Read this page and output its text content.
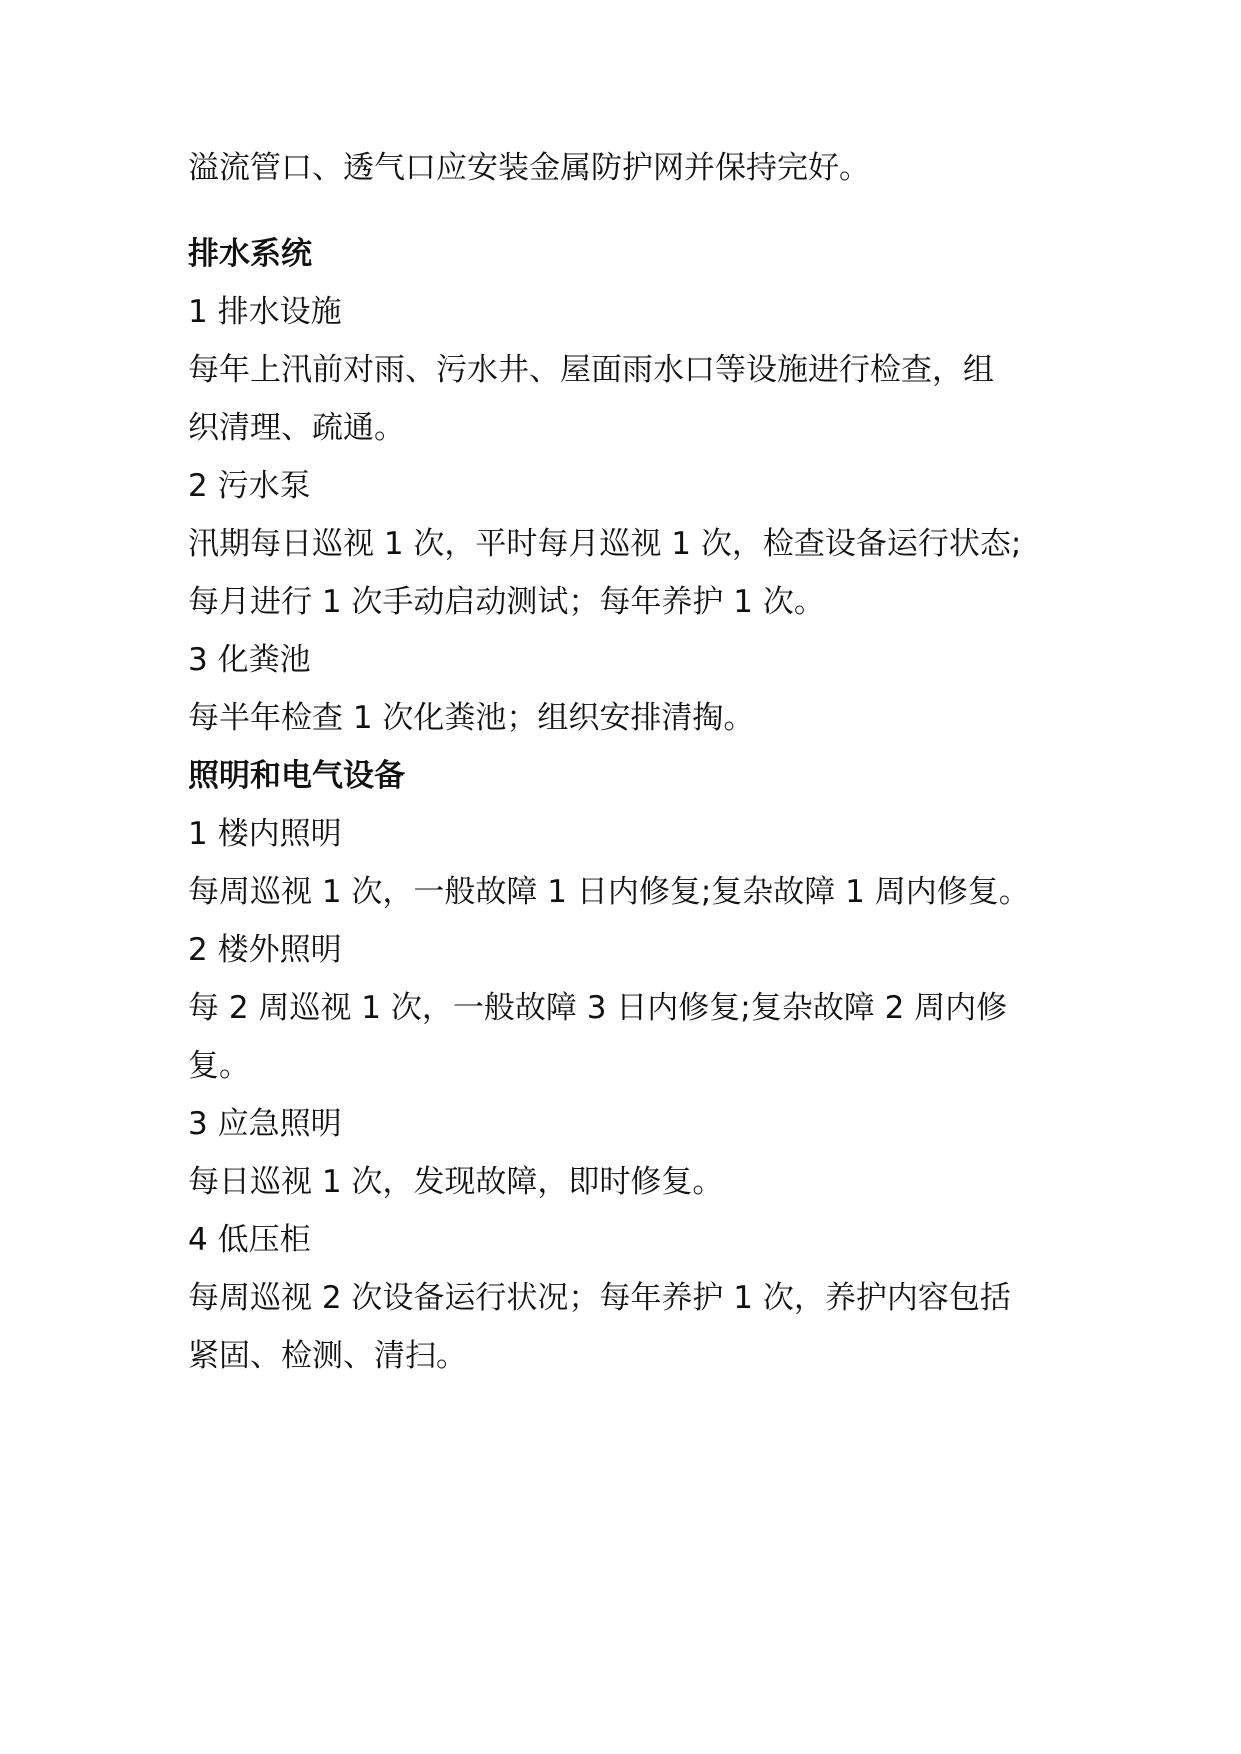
溢流管口、透气口应安装金属防护网并保持完好。
排水系统
1 排水设施
每年上汛前对雨、污水井、屋面雨水口等设施进行检查，组
织清理、疏通。
2 污水泵
汛期每日巡视 1 次，平时每月巡视 1 次，检查设备运行状态;
每月进行 1 次手动启动测试；每年养护 1 次。
3 化粪池
每半年检查 1 次化粪池；组织安排清掏。
照明和电气设备
1 楼内照明
每周巡视 1 次，一般故障 1 日内修复;复杂故障 1 周内修复。
2 楼外照明
每 2 周巡视 1 次，一般故障 3 日内修复;复杂故障 2 周内修
复。
3 应急照明
每日巡视 1 次，发现故障，即时修复。
4 低压柜
每周巡视 2 次设备运行状况；每年养护 1 次，养护内容包括
紧固、检测、清扫。
